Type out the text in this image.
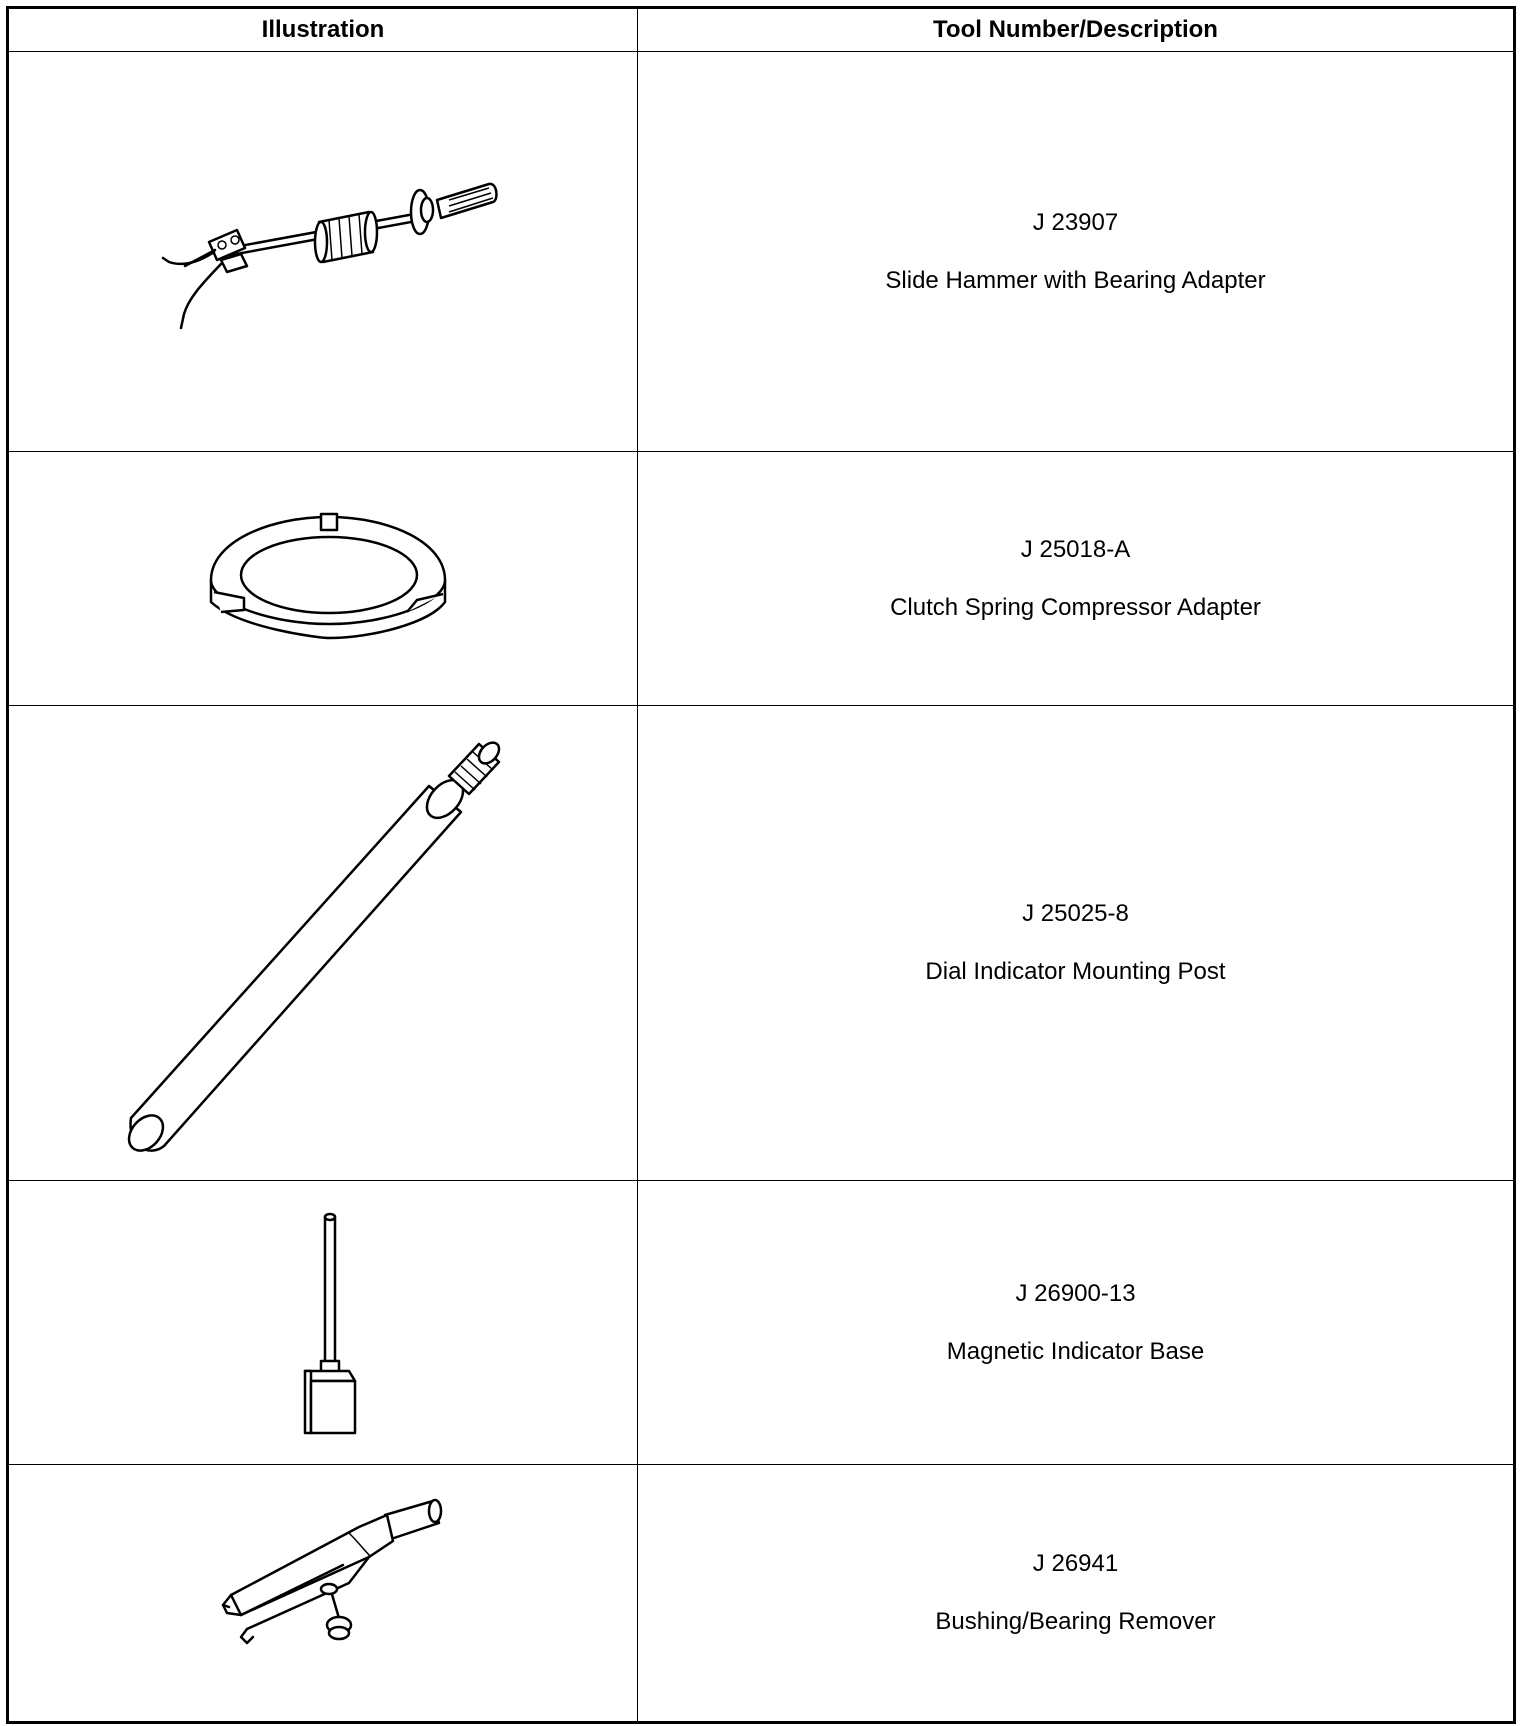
Illustration	Tool Number/Description

J 23907
Slide Hammer with Bearing Adapter

J 25018-A
Clutch Spring Compressor Adapter

J 25025-8
Dial Indicator Mounting Post

J 26900-13
Magnetic Indicator Base

J 26941
Bushing/Bearing Remover
